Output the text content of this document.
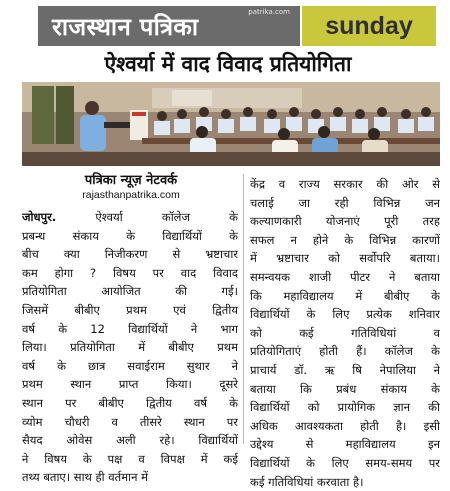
राजस्थान पत्रिका
patrika.com	sunday
ऐश्वर्या में वाद विवाद प्रतियोगिता
पत्रिका न्यूज़ नेटवर्क
rajasthanpatrika.com
जोधपुर.	ऐश्वर्या कॉलेज के
प्रबन्ध संकाय के विद्यार्थियों के
बीच क्या निजीकरण से भ्रष्टाचार
कम होगा ? विषय पर वाद विवाद
प्रतियोगिता आयोजित की गई।
जिसमें बीबीए प्रथम एवं द्वितीय
वर्ष के 12 विद्यार्थियों ने भाग
लिया। प्रतियोगिता में बीबीए प्रथम
वर्ष के छात्र सवाईराम सुथार ने
प्रथम स्थान प्राप्त किया। दूसरे
स्थान पर बीबीए द्वितीय वर्ष के
व्योम चौधरी व तीसरे स्थान पर
सैयद ओवेस अली रहे। विद्यार्थियों
ने विषय के पक्ष व विपक्ष में कई
तथ्य बताए। साथ ही वर्तमान में
केंद्र व राज्य सरकार की ओर से
चलाई जा रही विभिन्न जन
कल्याणकारी योजनाएं पूरी तरह
सफल न होने के विभिन्न कारणों
में भ्रष्टाचार को सर्वोपरि बताया।
समन्वयक शाजी पीटर ने बताया
कि महाविद्यालय में बीबीए के
विद्यार्थियों के लिए प्रत्येक शनिवार
को कई गतिविधियां व
प्रतियोगिताएं होती हैं। कॉलेज के
प्राचार्य डॉ. ऋ षि नेपालिया ने
बताया कि प्रबंध संकाय के
विद्यार्थियों को प्रायोगिक ज्ञान की
अधिक आवश्यकता होती है। इसी
उद्देश्य से महाविद्यालय इन
विद्यार्थियों के लिए समय-समय पर
कई गतिविधियां करवाता है।
